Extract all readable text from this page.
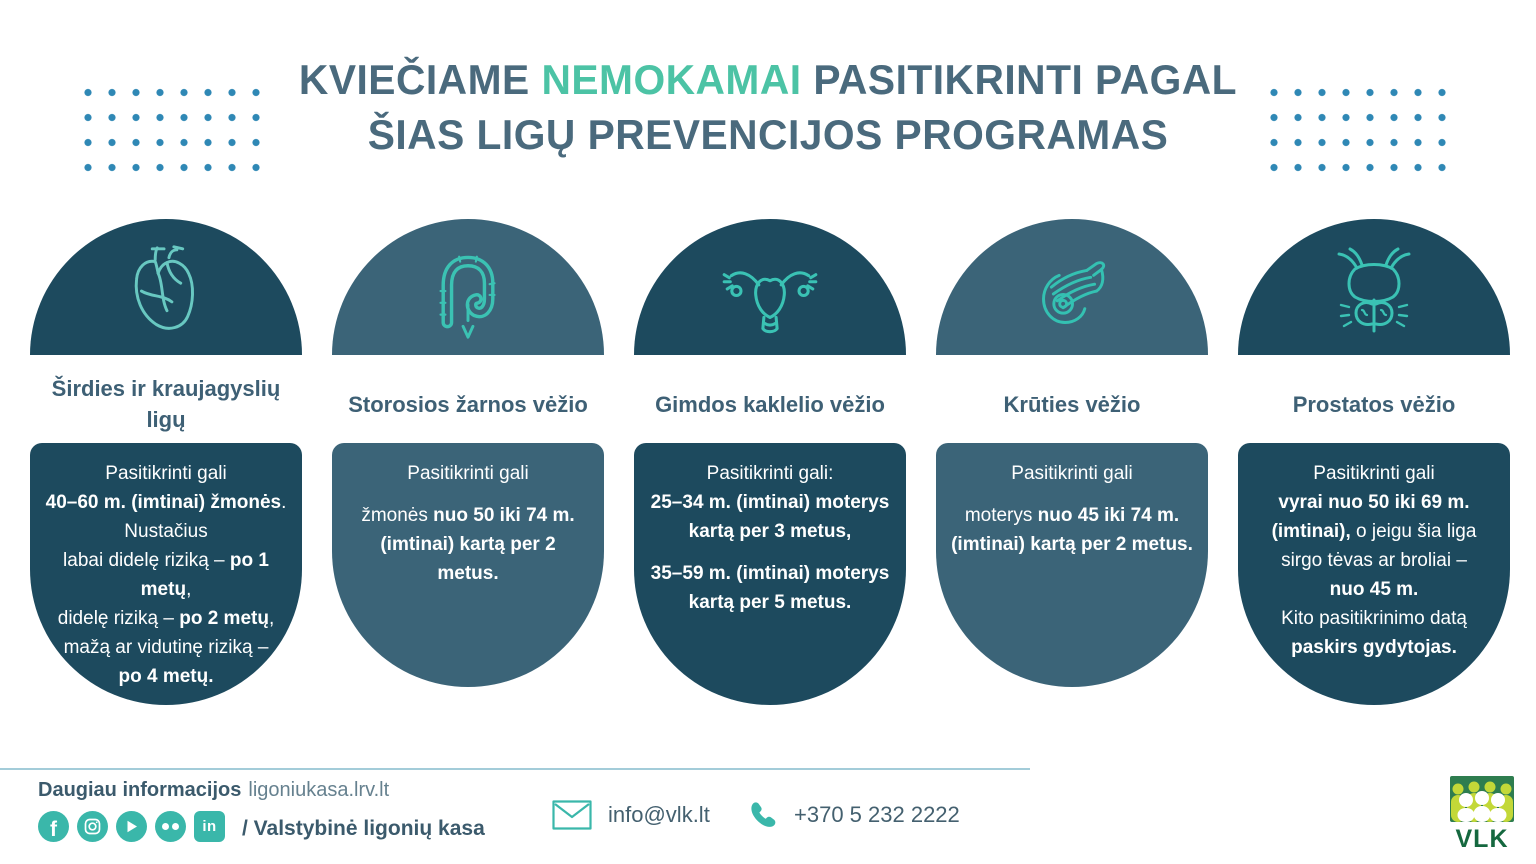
KVIEČIAME NEMOKAMAI PASITIKRINTI PAGAL
ŠIAS LIGŲ PREVENCIJOS PROGRAMAS
Širdies ir kraujagyslių ligų
Pasitikrinti gali
40–60 m. (imtinai) žmonės.
Nustačius
labai didelę riziką – po 1 metų,
didelę riziką – po 2 metų,
mažą ar vidutinę riziką –
po 4 metų.
Storosios žarnos vėžio
Pasitikrinti gali
žmonės nuo 50 iki 74 m.
(imtinai) kartą per 2
metus.
Gimdos kaklelio vėžio
Pasitikrinti gali:
25–34 m. (imtinai) moterys
kartą per 3 metus,
35–59 m. (imtinai) moterys
kartą per 5 metus.
Krūties vėžio
Pasitikrinti gali
moterys nuo 45 iki 74 m.
(imtinai) kartą per 2 metus.
Prostatos vėžio
Pasitikrinti gali
vyrai nuo 50 iki 69 m.
(imtinai), o jeigu šia liga
sirgo tėvas ar broliai –
nuo 45 m.
Kito pasitikrinimo datą
paskirs gydytojas.
Daugiau informacijos ligoniukasa.lrv.lt
f	in / Valstybinė ligonių kasa
info@vlk.lt	+370 5 232 2222
VLK
